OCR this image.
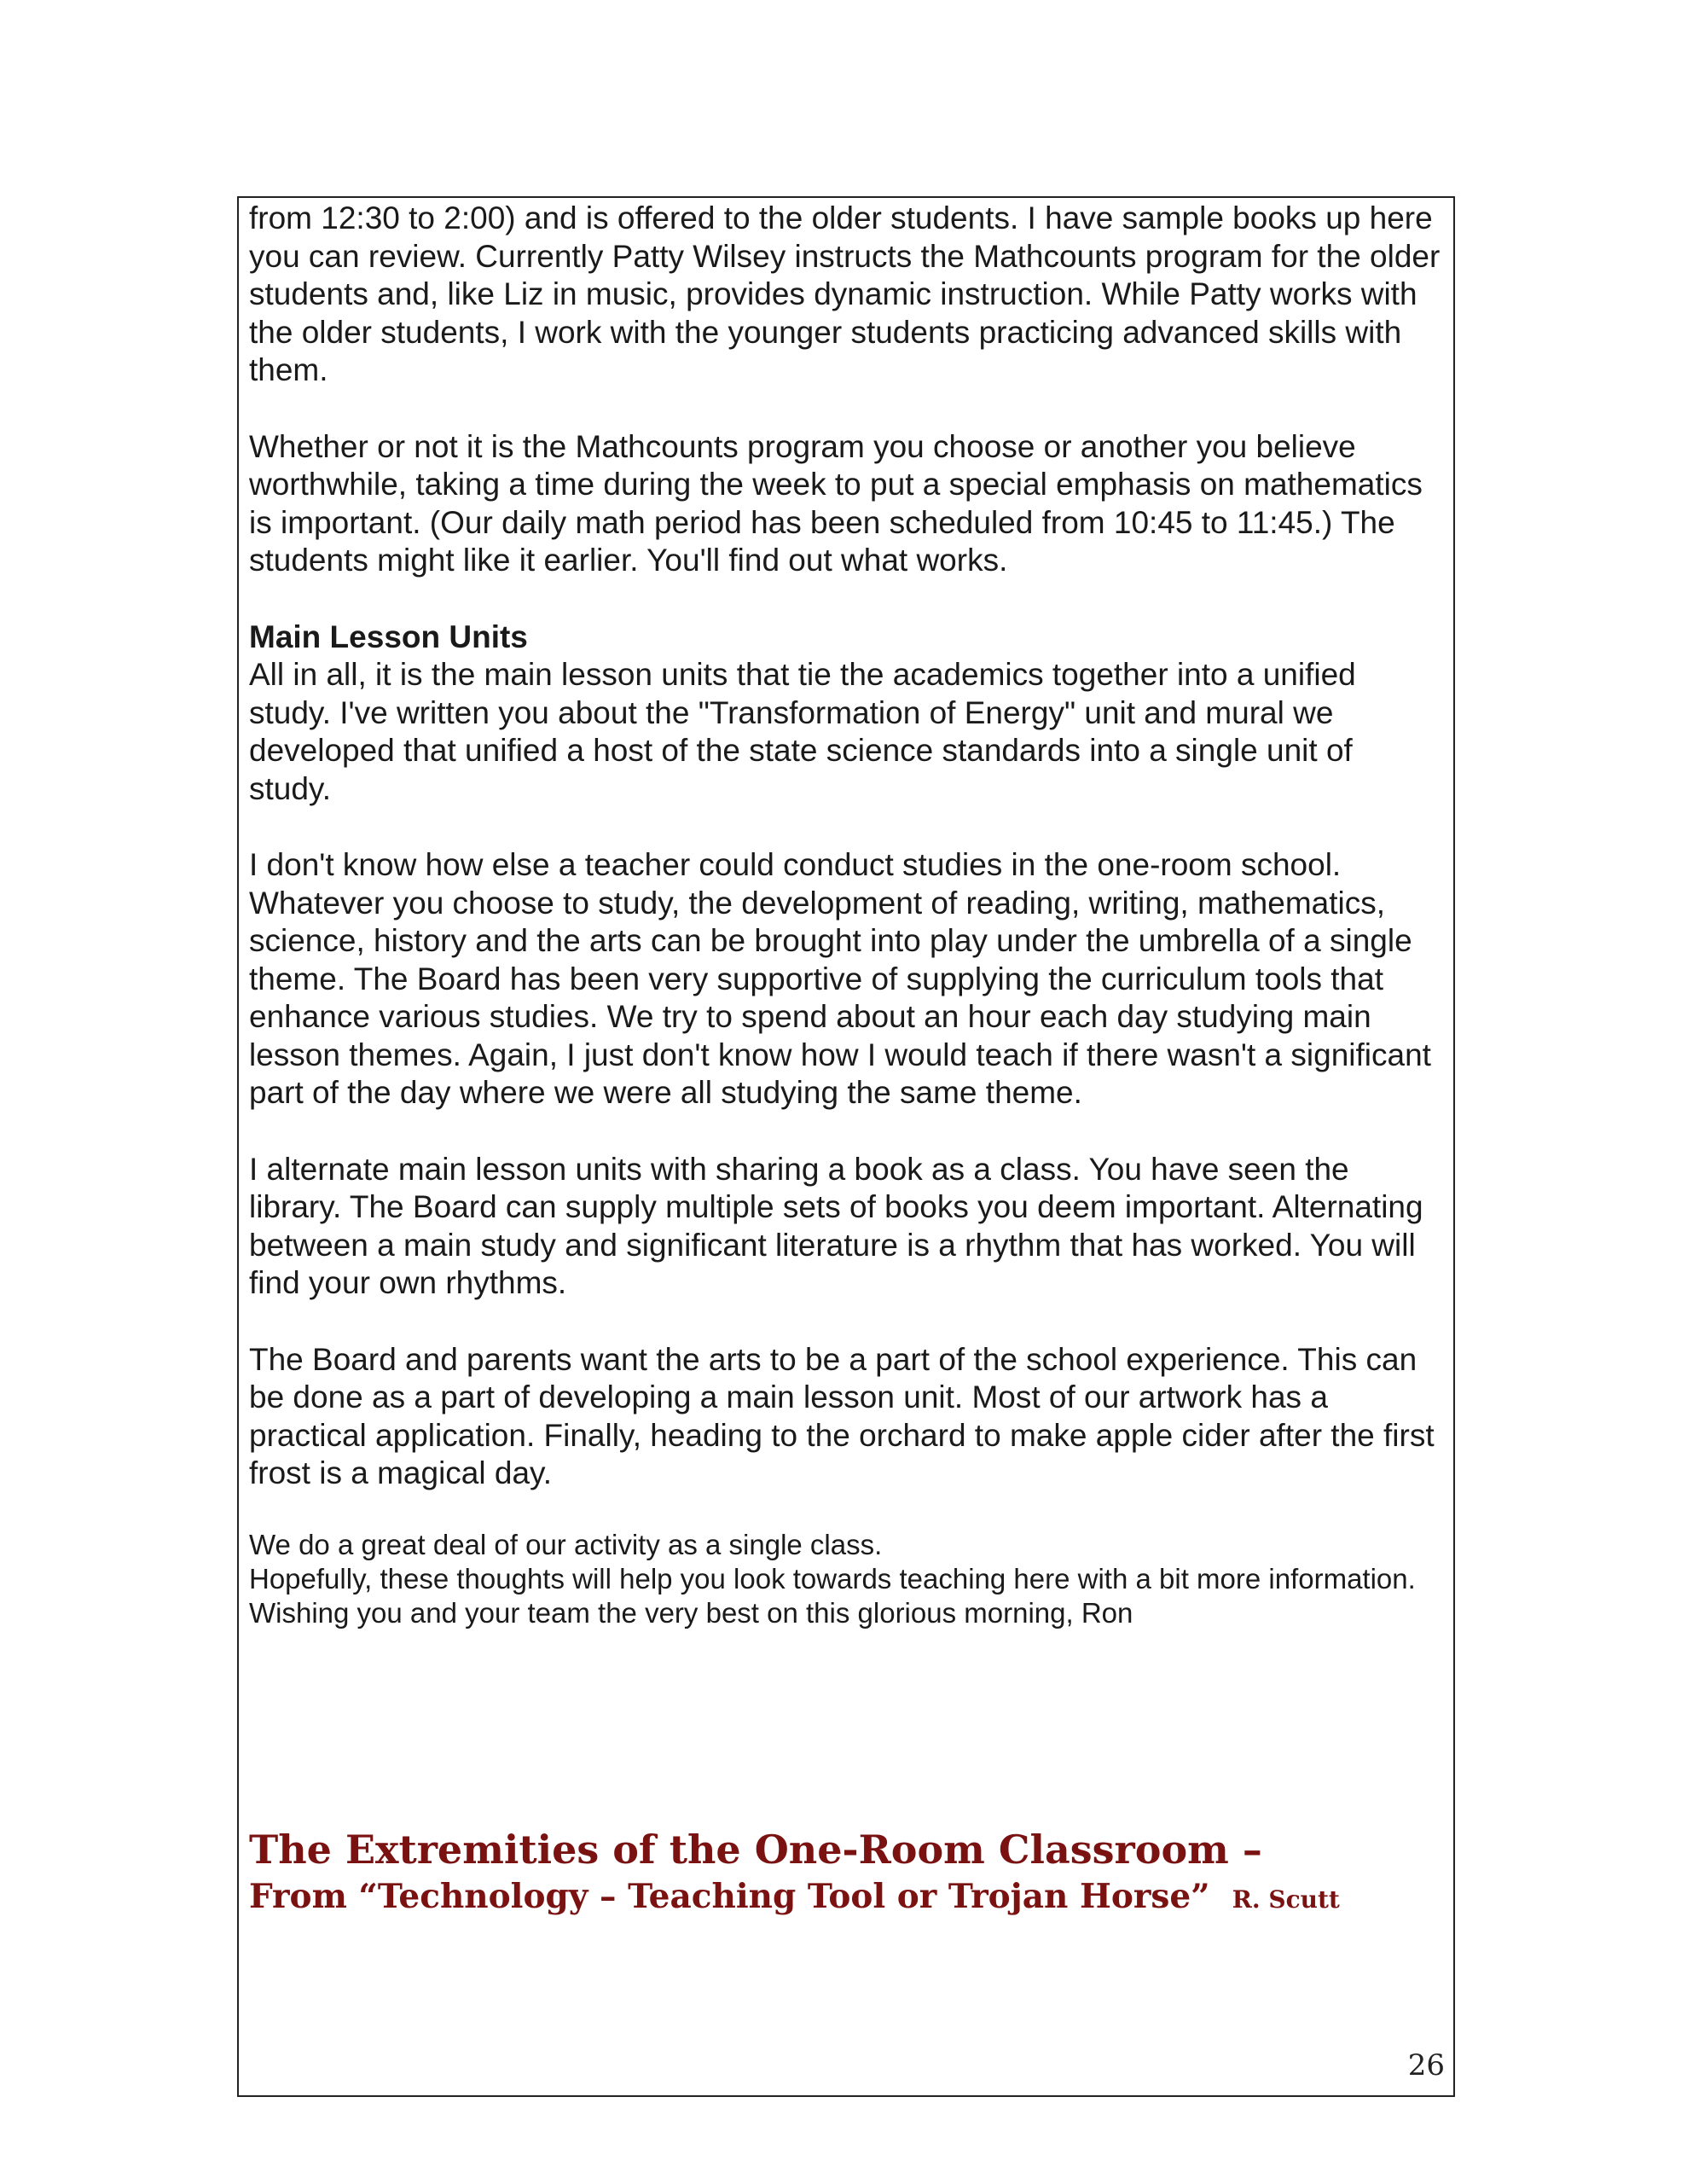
from 12:30 to 2:00) and is offered to the older students. I have sample books up here you can review. Currently Patty Wilsey instructs the Mathcounts program for the older students and, like Liz in music, provides dynamic instruction. While Patty works with the older students, I work with the younger students practicing advanced skills with them.

Whether or not it is the Mathcounts program you choose or another you believe worthwhile, taking a time during the week to put a special emphasis on mathematics is important. (Our daily math period has been scheduled from 10:45 to 11:45.) The students might like it earlier. You'll find out what works.

Main Lesson Units

All in all, it is the main lesson units that tie the academics together into a unified study. I've written you about the "Transformation of Energy" unit and mural we developed that unified a host of the state science standards into a single unit of study.

I don't know how else a teacher could conduct studies in the one-room school. Whatever you choose to study, the development of reading, writing, mathematics, science, history and the arts can be brought into play under the umbrella of a single theme. The Board has been very supportive of supplying the curriculum tools that enhance various studies. We try to spend about an hour each day studying main lesson themes. Again, I just don't know how I would teach if there wasn't a significant part of the day where we were all studying the same theme.

I alternate main lesson units with sharing a book as a class. You have seen the library. The Board can supply multiple sets of books you deem important. Alternating between a main study and significant literature is a rhythm that has worked. You will find your own rhythms.

The Board and parents want the arts to be a part of the school experience. This can be done as a part of developing a main lesson unit. Most of our artwork has a practical application. Finally, heading to the orchard to make apple cider after the first frost is a magical day.

We do a great deal of our activity as a single class.

Hopefully, these thoughts will help you look towards teaching here with a bit more information.

Wishing you and your team the very best on this glorious morning, Ron

The Extremities of the One-Room Classroom –
From “Technology – Teaching Tool or Trojan Horse” R. Scutt
26
